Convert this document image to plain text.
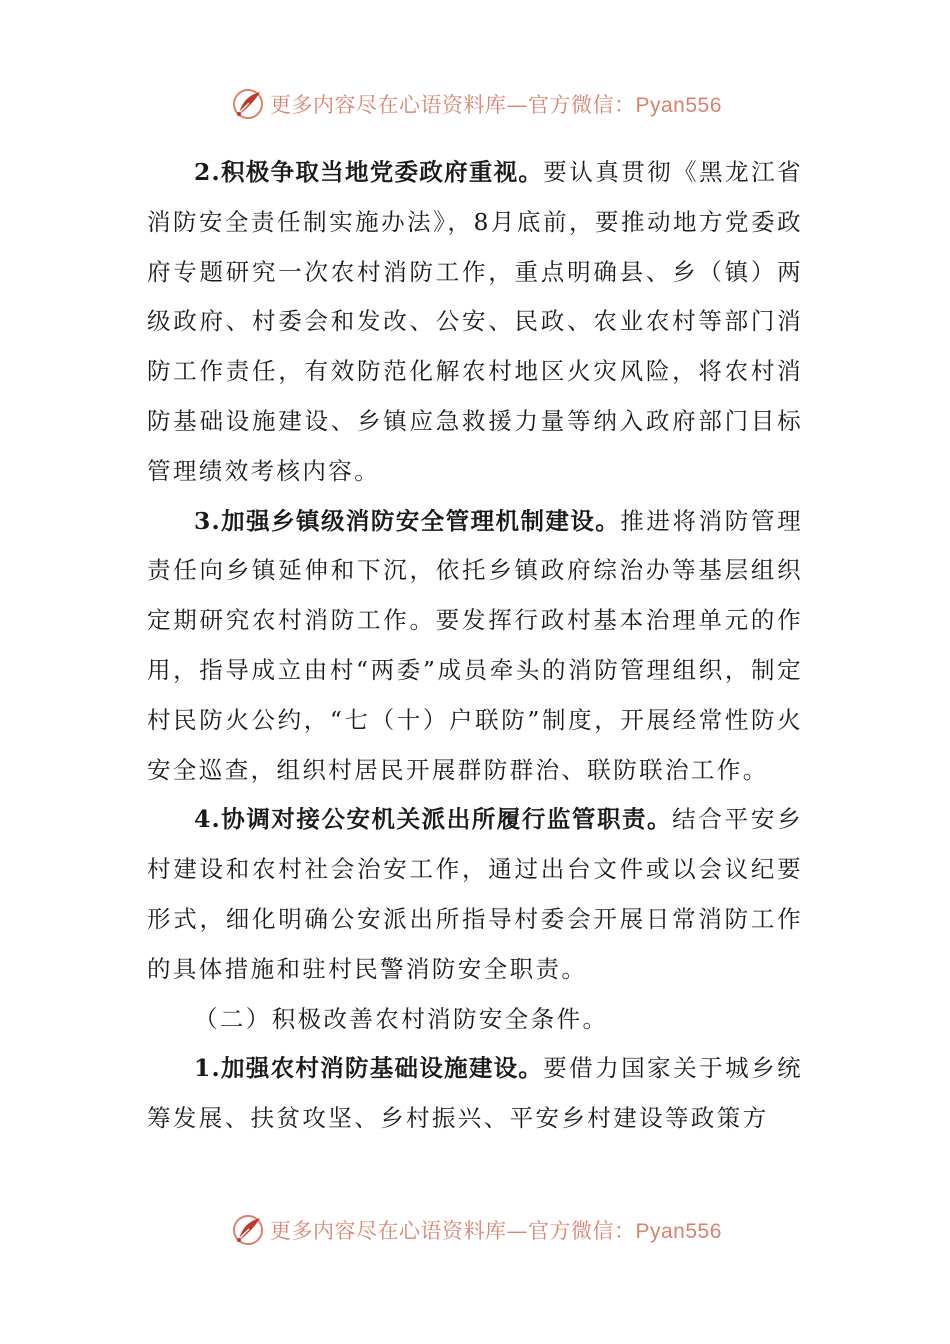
更多内容尽在心语资料库—官方微信：Pyan556

2.积极争取当地党委政府重视。要认真贯彻《黑龙江省消防安全责任制实施办法》，8月底前，要推动地方党委政府专题研究一次农村消防工作，重点明确县、乡（镇）两级政府、村委会和发改、公安、民政、农业农村等部门消防工作责任，有效防范化解农村地区火灾风险，将农村消防基础设施建设、乡镇应急救援力量等纳入政府部门目标管理绩效考核内容。

3.加强乡镇级消防安全管理机制建设。推进将消防管理责任向乡镇延伸和下沉，依托乡镇政府综治办等基层组织定期研究农村消防工作。要发挥行政村基本治理单元的作用，指导成立由村“两委”成员牵头的消防管理组织，制定村民防火公约，“七（十）户联防”制度，开展经常性防火安全巡查，组织村居民开展群防群治、联防联治工作。

4.协调对接公安机关派出所履行监管职责。结合平安乡村建设和农村社会治安工作，通过出台文件或以会议纪要形式，细化明确公安派出所指导村委会开展日常消防工作的具体措施和驻村民警消防安全职责。

（二）积极改善农村消防安全条件。

1.加强农村消防基础设施建设。要借力国家关于城乡统筹发展、扶贫攻坚、乡村振兴、平安乡村建设等政策方

更多内容尽在心语资料库—官方微信：Pyan556
